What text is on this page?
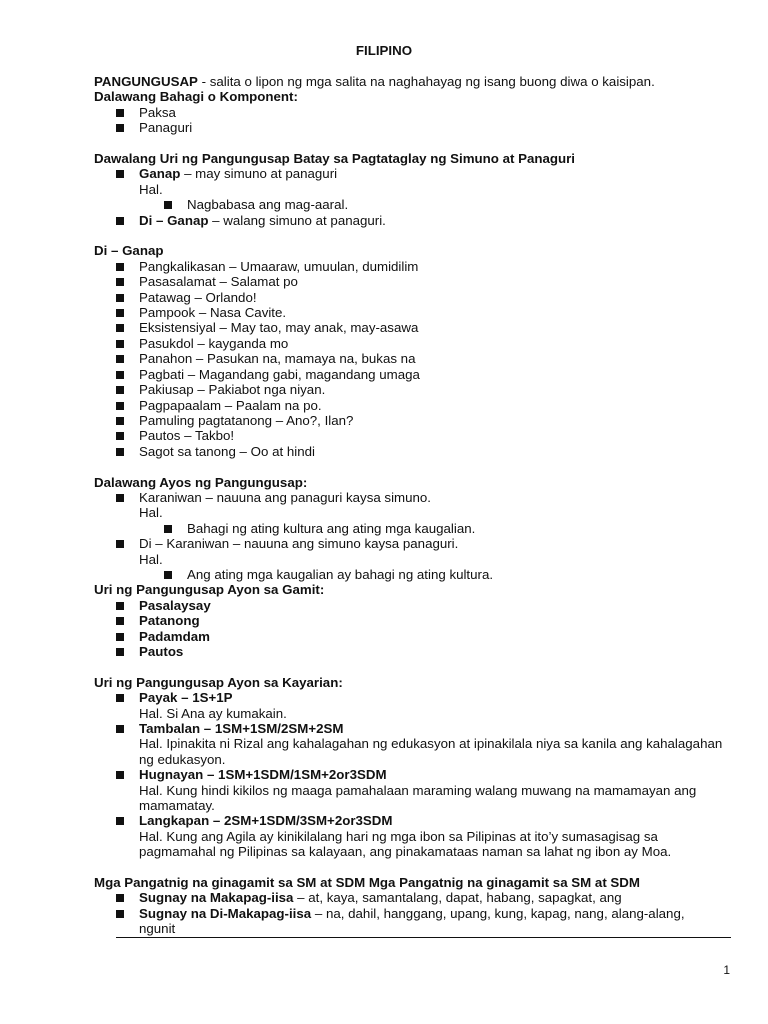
FILIPINO
PANGUNGUSAP - salita o lipon ng mga salita na naghahayag ng isang buong diwa o kaisipan.
Dalawang Bahagi o Komponent:
Paksa
Panaguri
Dawalang Uri ng Pangungusap Batay sa Pagtataglay ng Simuno at Panaguri
Ganap – may simuno at panaguri
Hal.
Nagbabasa ang mag-aaral.
Di – Ganap – walang simuno at panaguri.
Di – Ganap
Pangkalikasan – Umaaraw, umuulan, dumidilim
Pasasalamat – Salamat po
Patawag – Orlando!
Pampook – Nasa Cavite.
Eksistensiyal – May tao, may anak, may-asawa
Pasukdol – kayganda mo
Panahon – Pasukan na, mamaya na, bukas na
Pagbati – Magandang gabi, magandang umaga
Pakiusap – Pakiabot nga niyan.
Pagpapaalam – Paalam na po.
Pamuling pagtatanong – Ano?, Ilan?
Pautos – Takbo!
Sagot sa tanong – Oo at hindi
Dalawang Ayos ng Pangungusap:
Karaniwan – nauuna ang panaguri kaysa simuno.
Hal.
Bahagi ng ating kultura ang ating mga kaugalian.
Di – Karaniwan – nauuna ang simuno kaysa panaguri.
Hal.
Ang ating mga kaugalian ay bahagi ng ating kultura.
Uri ng Pangungusap Ayon sa Gamit:
Pasalaysay
Patanong
Padamdam
Pautos
Uri ng Pangungusap Ayon sa Kayarian:
Payak – 1S+1P
Hal. Si Ana ay kumakain.
Tambalan – 1SM+1SM/2SM+2SM
Hal. Ipinakita ni Rizal ang kahalagahan ng edukasyon at ipinakilala niya sa kanila ang kahalagahan ng edukasyon.
Hugnayan – 1SM+1SDM/1SM+2or3SDM
Hal. Kung hindi kikilos ng maaga pamahalaan maraming walang muwang na mamamayan ang mamamatay.
Langkapan – 2SM+1SDM/3SM+2or3SDM
Hal. Kung ang Agila ay kinikilalang hari ng mga ibon sa Pilipinas at ito’y sumasagisag sa pagmamahal ng Pilipinas sa kalayaan, ang pinakamataas naman sa lahat ng ibon ay Moa.
Mga Pangatnig na ginagamit sa SM at SDM Mga Pangatnig na ginagamit sa SM at SDM
Sugnay na Makapag-iisa – at, kaya, samantalang, dapat, habang, sapagkat, ang
Sugnay na Di-Makapag-iisa – na, dahil, hanggang, upang, kung, kapag, nang, alang-alang,
ngunit
1
